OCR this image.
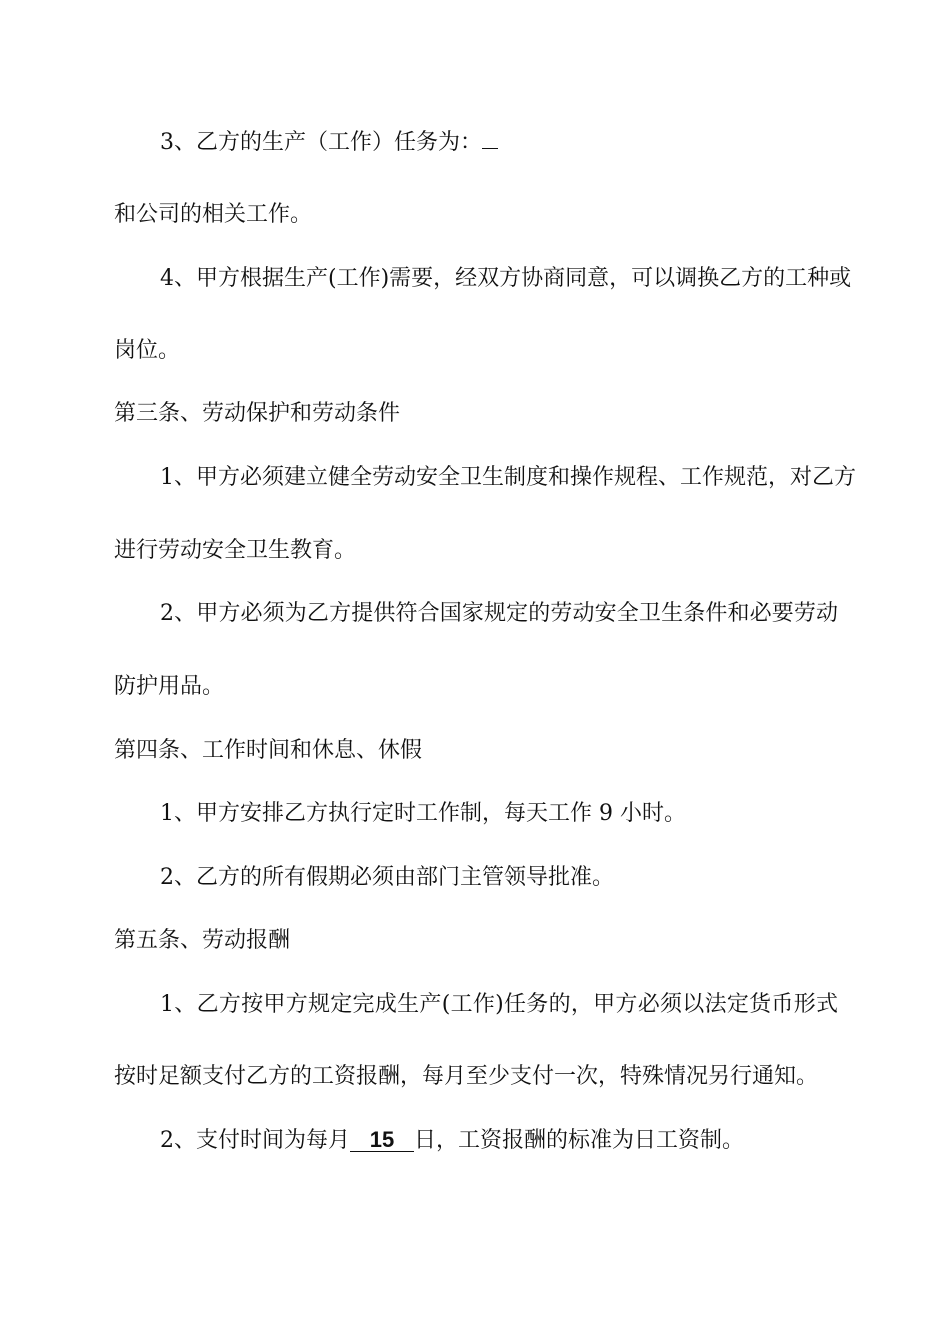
3、乙方的生产（工作）任务为：
和公司的相关工作。
4、甲方根据生产(工作)需要，经双方协商同意，可以调换乙方的工种或
岗位。
第三条、劳动保护和劳动条件
1、甲方必须建立健全劳动安全卫生制度和操作规程、工作规范，对乙方
进行劳动安全卫生教育。
2、甲方必须为乙方提供符合国家规定的劳动安全卫生条件和必要劳动
防护用品。
第四条、工作时间和休息、休假
1、甲方安排乙方执行定时工作制，每天工作 9 小时。
2、乙方的所有假期必须由部门主管领导批准。
第五条、劳动报酬
1、乙方按甲方规定完成生产(工作)任务的，甲方必须以法定货币形式
按时足额支付乙方的工资报酬，每月至少支付一次，特殊情况另行通知。
2、支付时间为每月 15 日，工资报酬的标准为日工资制。
